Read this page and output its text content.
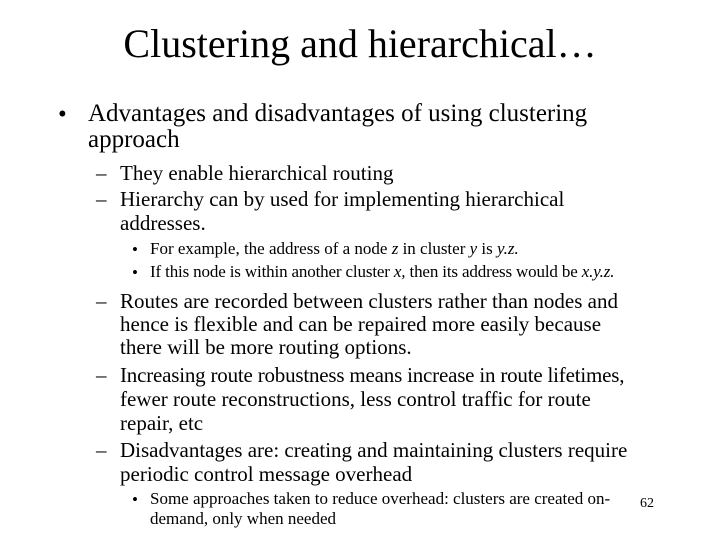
Clustering and hierarchical…
• Advantages and disadvantages of using clustering
approach
– They enable hierarchical routing
– Hierarchy can by used for implementing hierarchical
addresses.
• For example, the address of a node z in cluster y is y.z.
• If this node is within another cluster x, then its address would be x.y.z.
– Routes are recorded between clusters rather than nodes and
hence is flexible and can be repaired more easily because
there will be more routing options.
– Increasing route robustness means increase in route lifetimes,
fewer route reconstructions, less control traffic for route
repair, etc
– Disadvantages are: creating and maintaining clusters require
periodic control message overhead
• Some approaches taken to reduce overhead: clusters are created on-
demand, only when needed
62
